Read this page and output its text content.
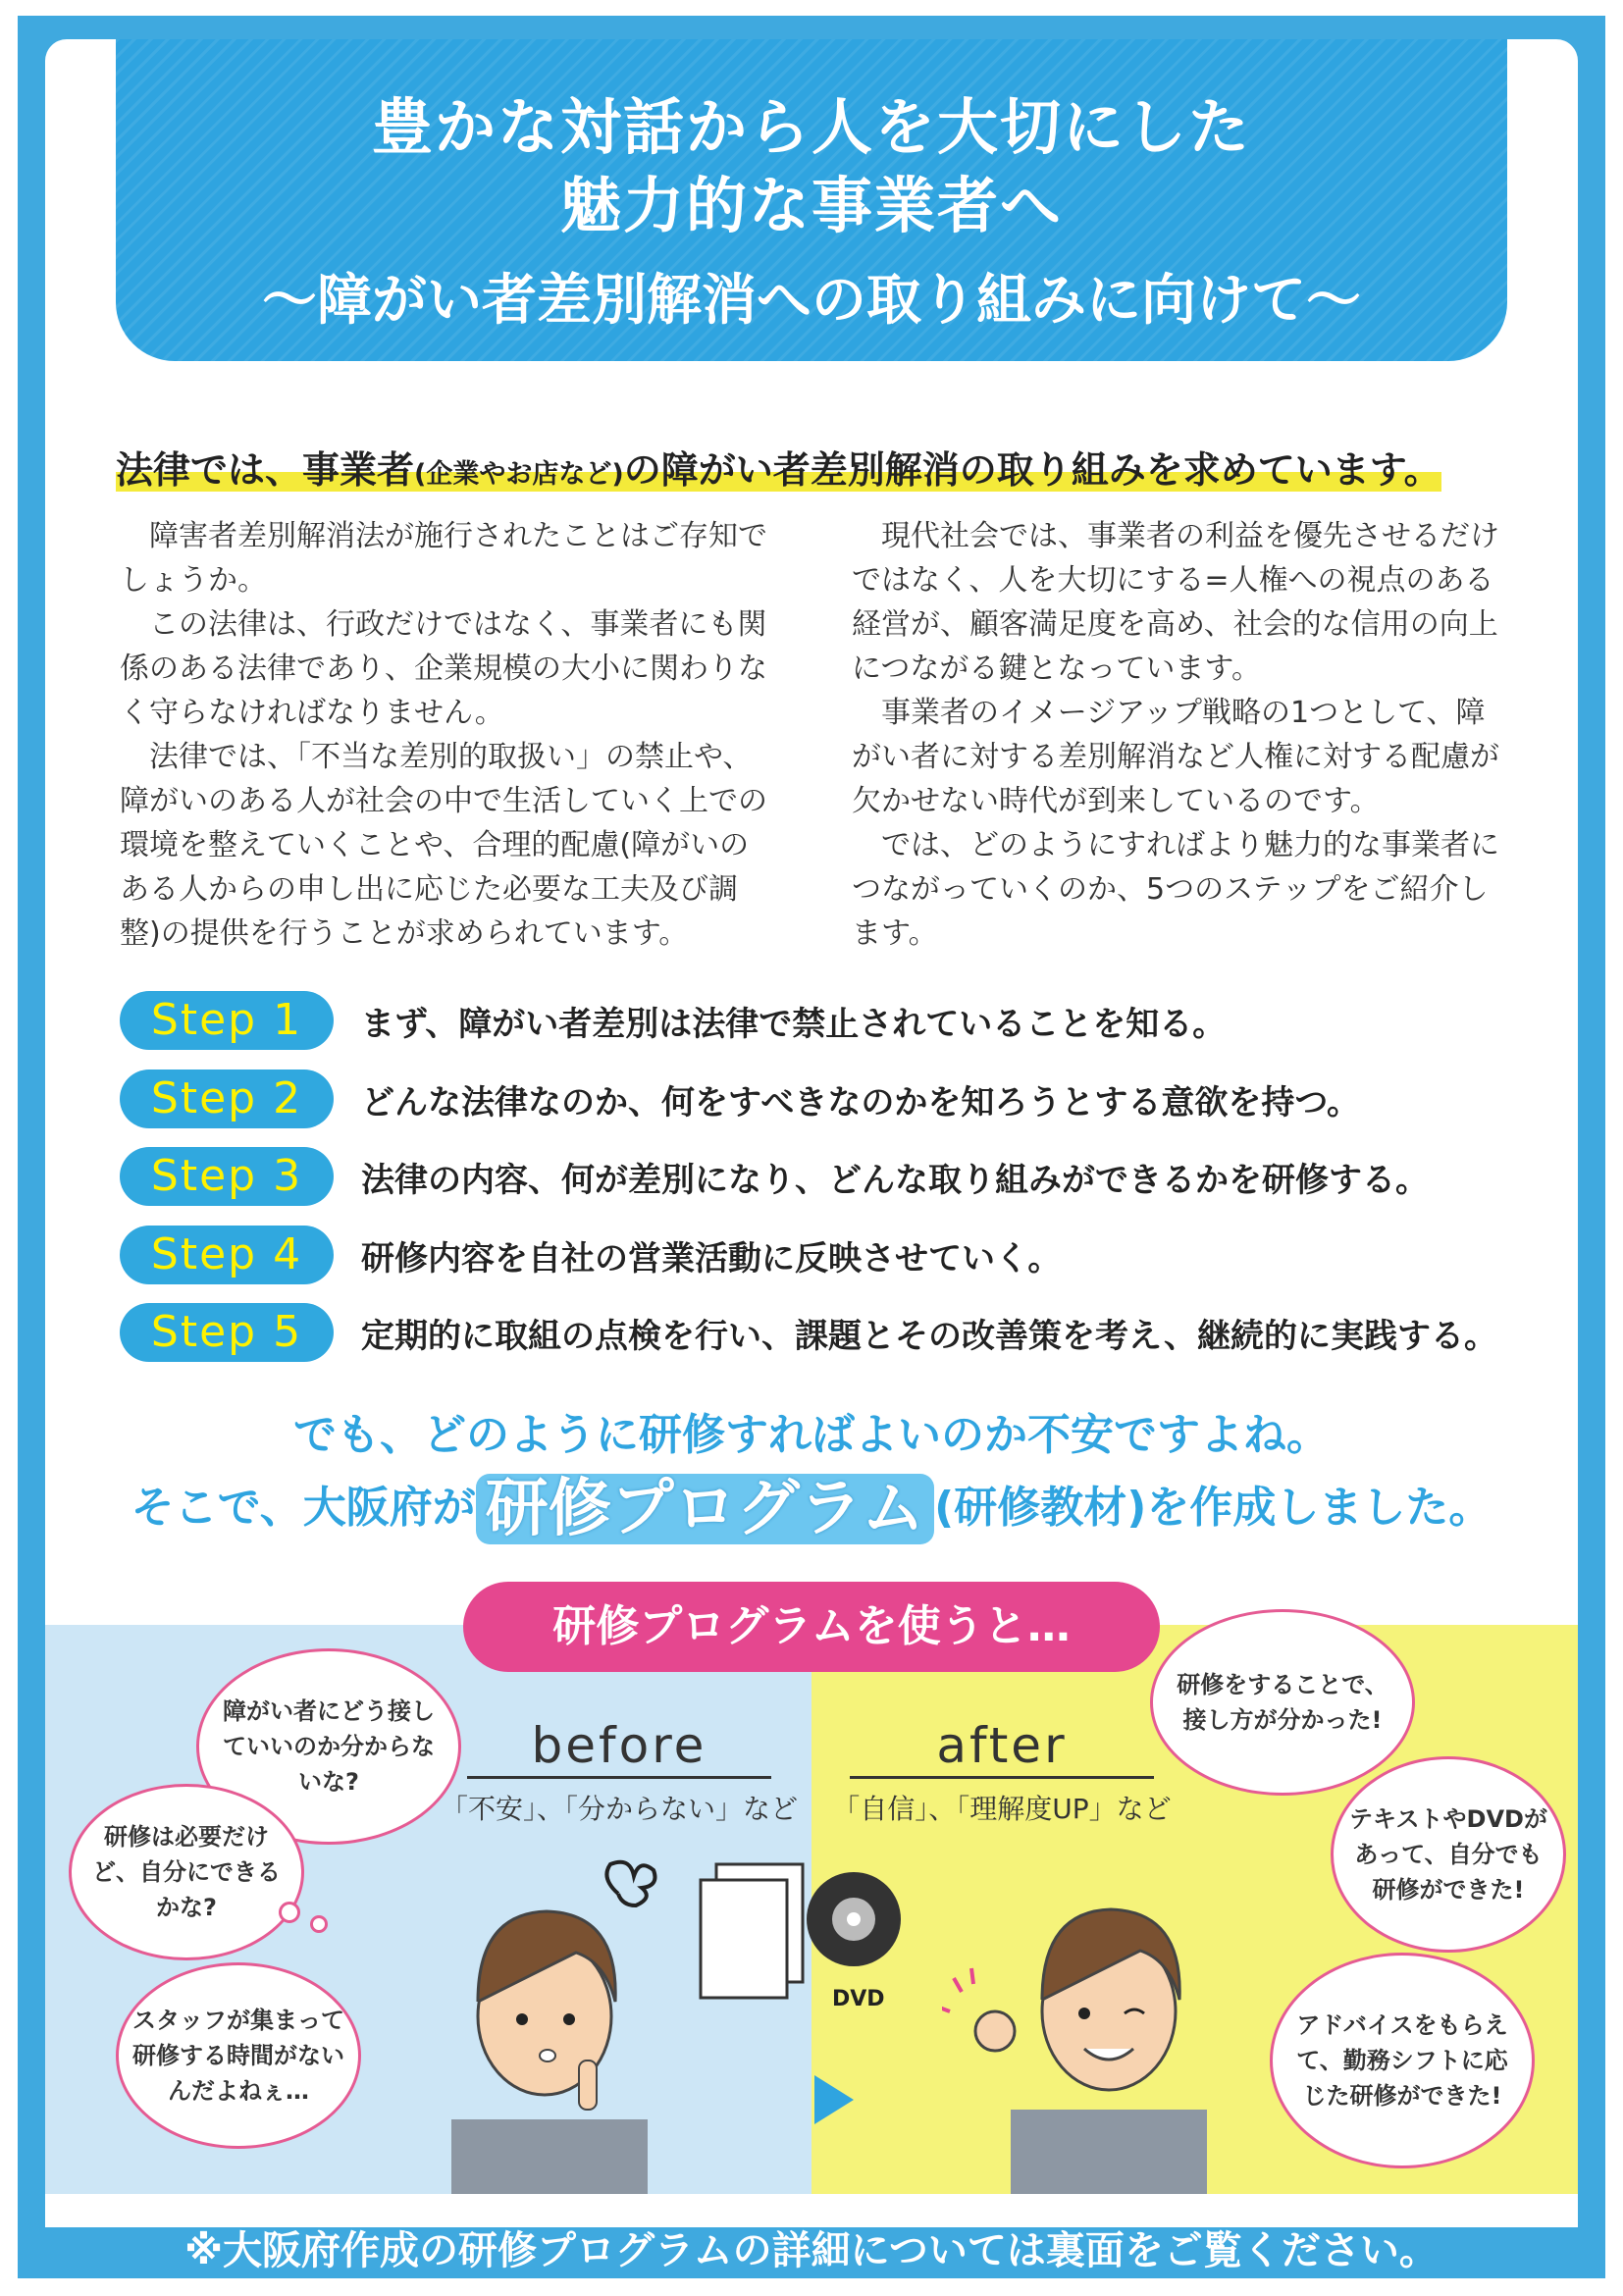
豊かな対話から人を大切にした
魅力的な事業者へ
～障がい者差別解消への取り組みに向けて～
法律では、事業者(企業やお店など)の障がい者差別解消の取り組みを求めています。

障害者差別解消法が施行されたことはご存知でしょうか。

この法律は、行政だけではなく、事業者にも関係のある法律であり、企業規模の大小に関わりなく守らなければなりません。

法律では、「不当な差別的取扱い」の禁止や、障がいのある人が社会の中で生活していく上での環境を整えていくことや、合理的配慮(障がいのある人からの申し出に応じた必要な工夫及び調整)の提供を行うことが求められています。

現代社会では、事業者の利益を優先させるだけではなく、人を大切にする=人権への視点のある経営が、顧客満足度を高め、社会的な信用の向上につながる鍵となっています。

事業者のイメージアップ戦略の1つとして、障がい者に対する差別解消など人権に対する配慮が欠かせない時代が到来しているのです。

では、どのようにすればより魅力的な事業者につながっていくのか、5つのステップをご紹介します。

Step 1	まず、障がい者差別は法律で禁止されていることを知る。
Step 2	どんな法律なのか、何をすべきなのかを知ろうとする意欲を持つ。
Step 3	法律の内容、何が差別になり、どんな取り組みができるかを研修する。
Step 4	研修内容を自社の営業活動に反映させていく。
Step 5	定期的に取組の点検を行い、課題とその改善策を考え、継続的に実践する。
でも、どのように研修すればよいのか不安ですよね。
そこで、大阪府が 研修プログラム (研修教材)を作成しました。
研修プログラムを使うと…
before
「不安」、「分からない」など
after
「自信」、「理解度UP」など
障がい者にどう接していいのか分からないな?
研修は必要だけど、自分にできるかな?
スタッフが集まって研修する時間がないんだよねぇ…
研修をすることで、接し方が分かった!
テキストやDVDがあって、自分でも研修ができた!
アドバイスをもらえて、勤務シフトに応じた研修ができた!
DVD
※大阪府作成の研修プログラムの詳細については裏面をご覧ください。
